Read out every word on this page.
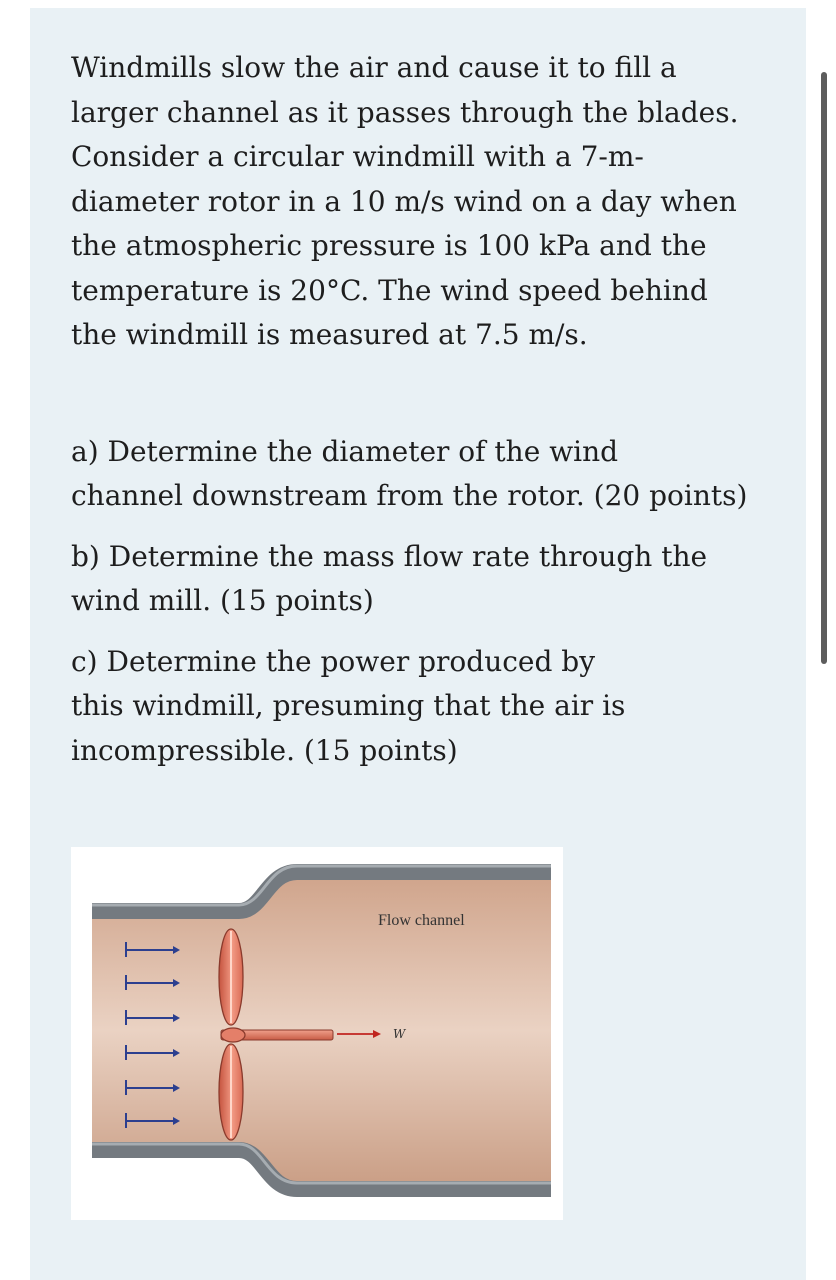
Windmills slow the air and cause it to fill a
larger channel as it passes through the blades.
Consider a circular windmill with a 7-m-
diameter rotor in a 10 m/s wind on a day when
the atmospheric pressure is 100 kPa and the
temperature is 20°C. The wind speed behind
the windmill is measured at 7.5 m/s.

a) Determine the diameter of the wind
channel downstream from the rotor. (20 points)

b) Determine the mass flow rate through the
wind mill. (15 points)

c) Determine the power produced by
this windmill, presuming that the air is
incompressible. (15 points)

W
Flow channel
